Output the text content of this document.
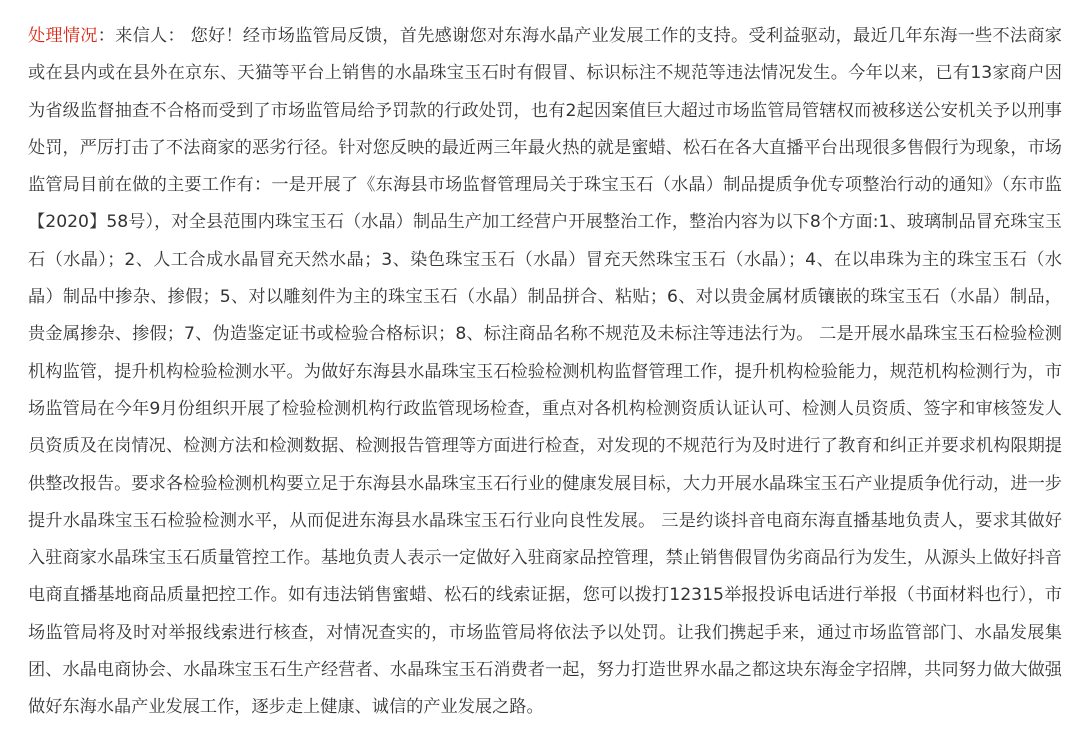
处理情况：来信人： 您好！经市场监管局反馈，首先感谢您对东海水晶产业发展工作的支持。受利益驱动，最近几年东海一些不法商家或在县内或在县外在京东、天猫等平台上销售的水晶珠宝玉石时有假冒、标识标注不规范等违法情况发生。今年以来，已有13家商户因为省级监督抽查不合格而受到了市场监管局给予罚款的行政处罚，也有2起因案值巨大超过市场监管局管辖权而被移送公安机关予以刑事处罚，严厉打击了不法商家的恶劣行径。针对您反映的最近两三年最火热的就是蜜蜡、松石在各大直播平台出现很多售假行为现象，市场监管局目前在做的主要工作有：一是开展了《东海县市场监督管理局关于珠宝玉石（水晶）制品提质争优专项整治行动的通知》（东市监【2020】58号），对全县范围内珠宝玉石（水晶）制品生产加工经营户开展整治工作，整治内容为以下8个方面:1、玻璃制品冒充珠宝玉石（水晶）；2、人工合成水晶冒充天然水晶；3、染色珠宝玉石（水晶）冒充天然珠宝玉石（水晶）；4、在以串珠为主的珠宝玉石（水晶）制品中掺杂、掺假；5、对以雕刻件为主的珠宝玉石（水晶）制品拼合、粘贴；6、对以贵金属材质镶嵌的珠宝玉石（水晶）制品，贵金属掺杂、掺假；7、伪造鉴定证书或检验合格标识；8、标注商品名称不规范及未标注等违法行为。 二是开展水晶珠宝玉石检验检测机构监管，提升机构检验检测水平。为做好东海县水晶珠宝玉石检验检测机构监督管理工作，提升机构检验能力，规范机构检测行为，市场监管局在今年9月份组织开展了检验检测机构行政监管现场检查，重点对各机构检测资质认证认可、检测人员资质、签字和审核签发人员资质及在岗情况、检测方法和检测数据、检测报告管理等方面进行检查，对发现的不规范行为及时进行了教育和纠正并要求机构限期提供整改报告。要求各检验检测机构要立足于东海县水晶珠宝玉石行业的健康发展目标，大力开展水晶珠宝玉石产业提质争优行动，进一步提升水晶珠宝玉石检验检测水平，从而促进东海县水晶珠宝玉石行业向良性发展。 三是约谈抖音电商东海直播基地负责人，要求其做好入驻商家水晶珠宝玉石质量管控工作。基地负责人表示一定做好入驻商家品控管理，禁止销售假冒伪劣商品行为发生，从源头上做好抖音电商直播基地商品质量把控工作。如有违法销售蜜蜡、松石的线索证据，您可以拨打12315举报投诉电话进行举报（书面材料也行），市场监管局将及时对举报线索进行核查，对情况查实的，市场监管局将依法予以处罚。让我们携起手来，通过市场监管部门、水晶发展集团、水晶电商协会、水晶珠宝玉石生产经营者、水晶珠宝玉石消费者一起，努力打造世界水晶之都这块东海金字招牌，共同努力做大做强做好东海水晶产业发展工作，逐步走上健康、诚信的产业发展之路。
